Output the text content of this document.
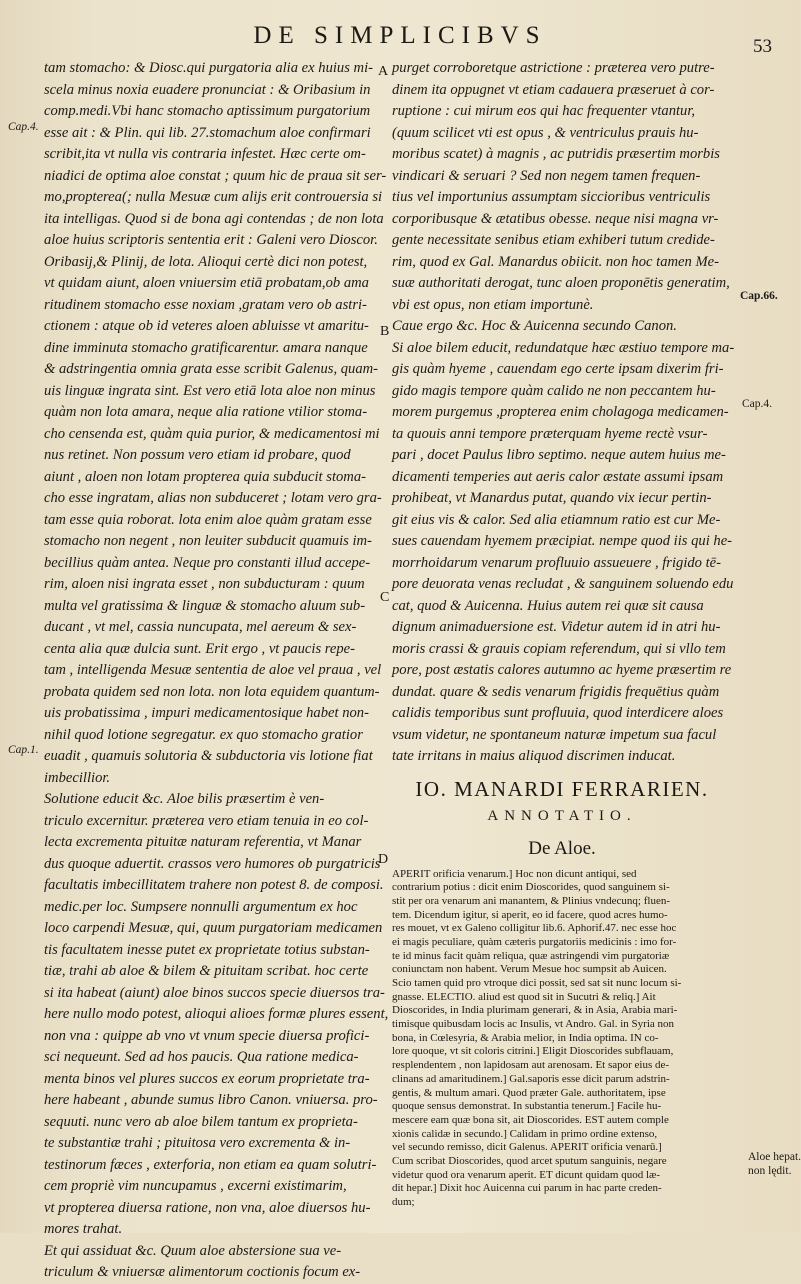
DE SIMPLICIBVS	53
Cap.4.
Cap.1.
A
B
C
D
Cap.66.
Cap.4.
Aloe hepat.
non lędit.
tam stomacho: & Diosc.qui purgatoria alia ex huius mi-
scela minus noxia euadere pronunciat : & Oribasium in
comp.medi.Vbi hanc stomacho aptissimum purgatorium
esse ait : & Plin. qui lib. 27.stomachum aloe confirmari
scribit,ita vt nulla vis contraria infestet. Hæc certe om-
niadici de optima aloe constat ; quum hic de praua sit ser-
mo,propterea(; nulla Mesuæ cum alijs erit controuersia si
ita intelligas. Quod si de bona agi contendas ; de non lota
aloe huius scriptoris sententia erit : Galeni vero Dioscor.
Oribasij,& Plinij, de lota. Alioqui certè dici non potest,
vt quidam aiunt, aloen vniuersim etiā probatam,ob ama
ritudinem stomacho esse noxiam ,gratam vero ob astri-
ctionem : atque ob id veteres aloen abluisse vt amaritu-
dine imminuta stomacho gratificarentur. amara nanque
& adstringentia omnia grata esse scribit Galenus, quam-
uis linguæ ingrata sint. Est vero etiā lota aloe non minus
quàm non lota amara, neque alia ratione vtilior stoma-
cho censenda est, quàm quia purior, & medicamentosi mi
nus retinet. Non possum vero etiam id probare, quod
aiunt , aloen non lotam propterea quia subducit stoma-
cho esse ingratam, alias non subduceret ; lotam vero gra-
tam esse quia roborat. lota enim aloe quàm gratam esse
stomacho non negent , non leuiter subducit quamuis im-
becillius quàm antea. Neque pro constanti illud accepe-
rim, aloen nisi ingrata esset , non subducturam : quum
multa vel gratissima & linguæ & stomacho aluum sub-
ducant , vt mel, cassia nuncupata, mel aereum & sex-
centa alia quæ dulcia sunt. Erit ergo , vt paucis repe-
tam , intelligenda Mesuæ sententia de aloe vel praua , vel
probata quidem sed non lota. non lota equidem quantum-
uis probatissima , impuri medicamentosique habet non-
nihil quod lotione segregatur. ex quo stomacho gratior
euadit , quamuis solutoria & subductoria vis lotione fiat
imbecillior.
Solutione educit &c. Aloe bilis præsertim è ven-
triculo excernitur. præterea vero etiam tenuia in eo col-
lecta excrementa pituitæ naturam referentia, vt Manar
dus quoque aduertit. crassos vero humores ob purgatricis
facultatis imbecillitatem trahere non potest 8. de composi.
medic.per loc. Sumpsere nonnulli argumentum ex hoc
loco carpendi Mesuæ, qui, quum purgatoriam medicamen
tis facultatem inesse putet ex proprietate totius substan-
tiæ, trahi ab aloe & bilem & pituitam scribat. hoc certe
si ita habeat (aiunt) aloe binos succos specie diuersos tra-
here nullo modo potest, alioqui alioes formæ plures essent,
non vna : quippe ab vno vt vnum specie diuersa profici-
sci nequeunt. Sed ad hos paucis. Qua ratione medica-
menta binos vel plures succos ex eorum proprietate tra-
here habeant , abunde sumus libro Canon. vniuersa. pro-
sequuti. nunc vero ab aloe bilem tantum ex proprieta-
te substantiæ trahi ; pituitosa vero excrementa & in-
testinorum fæces , exterforia, non etiam ea quam solutri-
cem propriè vim nuncupamus , excerni existimarim,
vt propterea diuersa ratione, non vna, aloe diuersos hu-
mores trahat.
Et qui assiduat &c. Quum aloe abstersione sua ve-
triculum & vniuersæ alimentorum coctionis focum ex-
purget corroboretque astrictione : præterea vero putre-
dinem ita oppugnet vt etiam cadauera præseruet à cor-
ruptione : cui mirum eos qui hac frequenter vtantur,
(quum scilicet vti est opus , & ventriculus prauis hu-
moribus scatet) à magnis , ac putridis præsertim morbis
vindicari & seruari ? Sed non negem tamen frequen-
tius vel importunius assumptam siccioribus ventriculis
corporibusque & ætatibus obesse. neque nisi magna vr-
gente necessitate senibus etiam exhiberi tutum credide-
rim, quod ex Gal. Manardus obiicit. non hoc tamen Me-
suæ authoritati derogat, tunc aloen proponētis generatim,
vbi est opus, non etiam importunè.
Caue ergo &c. Hoc & Auicenna secundo Canon.
Si aloe bilem educit, redundatque hæc æstiuo tempore ma-
gis quàm hyeme , cauendam ego certe ipsam dixerim fri-
gido magis tempore quàm calido ne non peccantem hu-
morem purgemus ,propterea enim cholagoga medicamen-
ta quouis anni tempore præterquam hyeme rectè vsur-
pari , docet Paulus libro septimo. neque autem huius me-
dicamenti temperies aut aeris calor æstate assumi ipsam
prohibeat, vt Manardus putat, quando vix iecur pertin-
git eius vis & calor. Sed alia etiamnum ratio est cur Me-
sues cauendam hyemem præcipiat. nempe quod iis qui he-
morrhoidarum venarum profluuio assueuere , frigido tē-
pore deuorata venas recludat , & sanguinem soluendo edu
cat, quod & Auicenna. Huius autem rei quæ sit causa
dignum animaduersione est. Videtur autem id in atri hu-
moris crassi & grauis copiam referendum, qui si vllo tem
pore, post æstatis calores autumno ac hyeme præsertim re
dundat. quare & sedis venarum frigidis frequētius quàm
calidis temporibus sunt profluuia, quod interdicere aloes
vsum videtur, ne spontaneum naturæ impetum sua facul
tate irritans in maius aliquod discrimen inducat.
IO. MANARDI FERRARIEN.
ANNOTATIO.
De Aloe.
APERIT orificia venarum.] Hoc non dicunt antiqui, sed
contrarium potius : dicit enim Dioscorides, quod sanguinem si-
stit per ora venarum ani manantem, & Plinius vndecunq; fluen-
tem. Dicendum igitur, si aperit, eo id facere, quod acres humo-
res mouet, vt ex Galeno colligitur lib.6. Aphorif.47. nec esse hoc
ei magis peculiare, quàm cæteris purgatoriis medicinis : imo for-
te id minus facit quàm reliqua, quæ astringendi vim purgatoriæ
coniunctam non habent. Verum Mesue hoc sumpsit ab Auicen.
Scio tamen quid pro vtroque dici possit, sed sat sit nunc locum si-
gnasse. ELECTIO. aliud est quod sit in Sucutri & reliq.] Ait
Dioscorides, in India plurimam generari, & in Asia, Arabia mari-
timisque quibusdam locis ac Insulis, vt Andro. Gal. in Syria non
bona, in Cœlesyria, & Arabia melior, in India optima. IN co-
lore quoque, vt sit coloris citrini.] Eligit Dioscorides subflauam,
resplendentem , non lapidosam aut arenosam. Et sapor eius de-
clinans ad amaritudinem.] Gal.saporis esse dicit parum adstrin-
gentis, & multum amari. Quod præter Gale. authoritatem, ipse
quoque sensus demonstrat. In substantia tenerum.] Facile hu-
mescere eam quæ bona sit, ait Dioscorides. EST autem comple
xionis calidæ in secundo.] Calidam in primo ordine extenso,
vel secundo remisso, dicit Galenus. APERIT orificia venarū.]
Cum scribat Dioscorides, quod arcet sputum sanguinis, negare
videtur quod ora venarum aperit. ET dicunt quidam quod læ-
dit hepar.] Dixit hoc Auicenna cui parum in hac parte creden-
dum;
